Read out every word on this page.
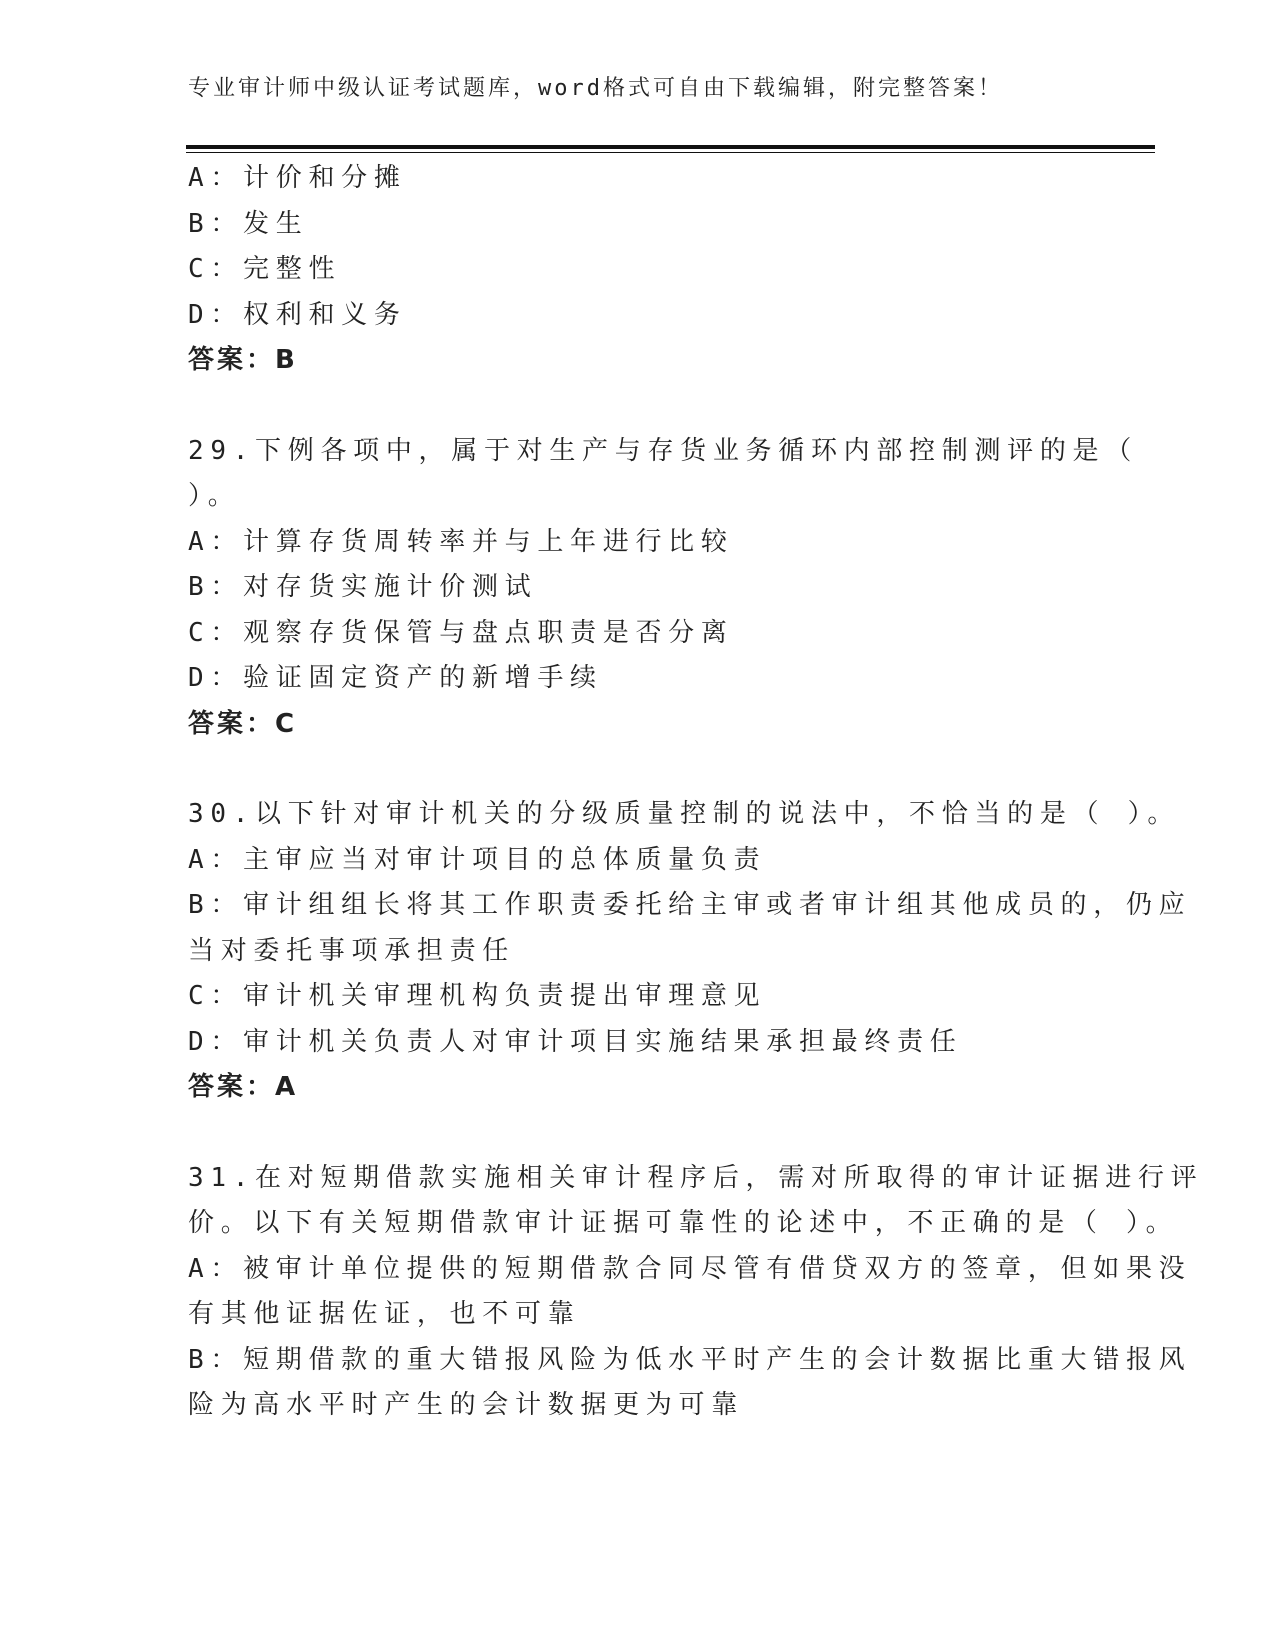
专业审计师中级认证考试题库，word格式可自由下载编辑，附完整答案！
A：计价和分摊
B：发生
C：完整性
D：权利和义务
答案：B
29.下例各项中，属于对生产与存货业务循环内部控制测评的是（
）。
A：计算存货周转率并与上年进行比较
B：对存货实施计价测试
C：观察存货保管与盘点职责是否分离
D：验证固定资产的新增手续
答案：C
30.以下针对审计机关的分级质量控制的说法中，不恰当的是（ ）。
A：主审应当对审计项目的总体质量负责
B：审计组组长将其工作职责委托给主审或者审计组其他成员的，仍应
当对委托事项承担责任
C：审计机关审理机构负责提出审理意见
D：审计机关负责人对审计项目实施结果承担最终责任
答案：A
31.在对短期借款实施相关审计程序后，需对所取得的审计证据进行评
价。以下有关短期借款审计证据可靠性的论述中，不正确的是（ ）。
A：被审计单位提供的短期借款合同尽管有借贷双方的签章，但如果没
有其他证据佐证，也不可靠
B：短期借款的重大错报风险为低水平时产生的会计数据比重大错报风
险为高水平时产生的会计数据更为可靠
